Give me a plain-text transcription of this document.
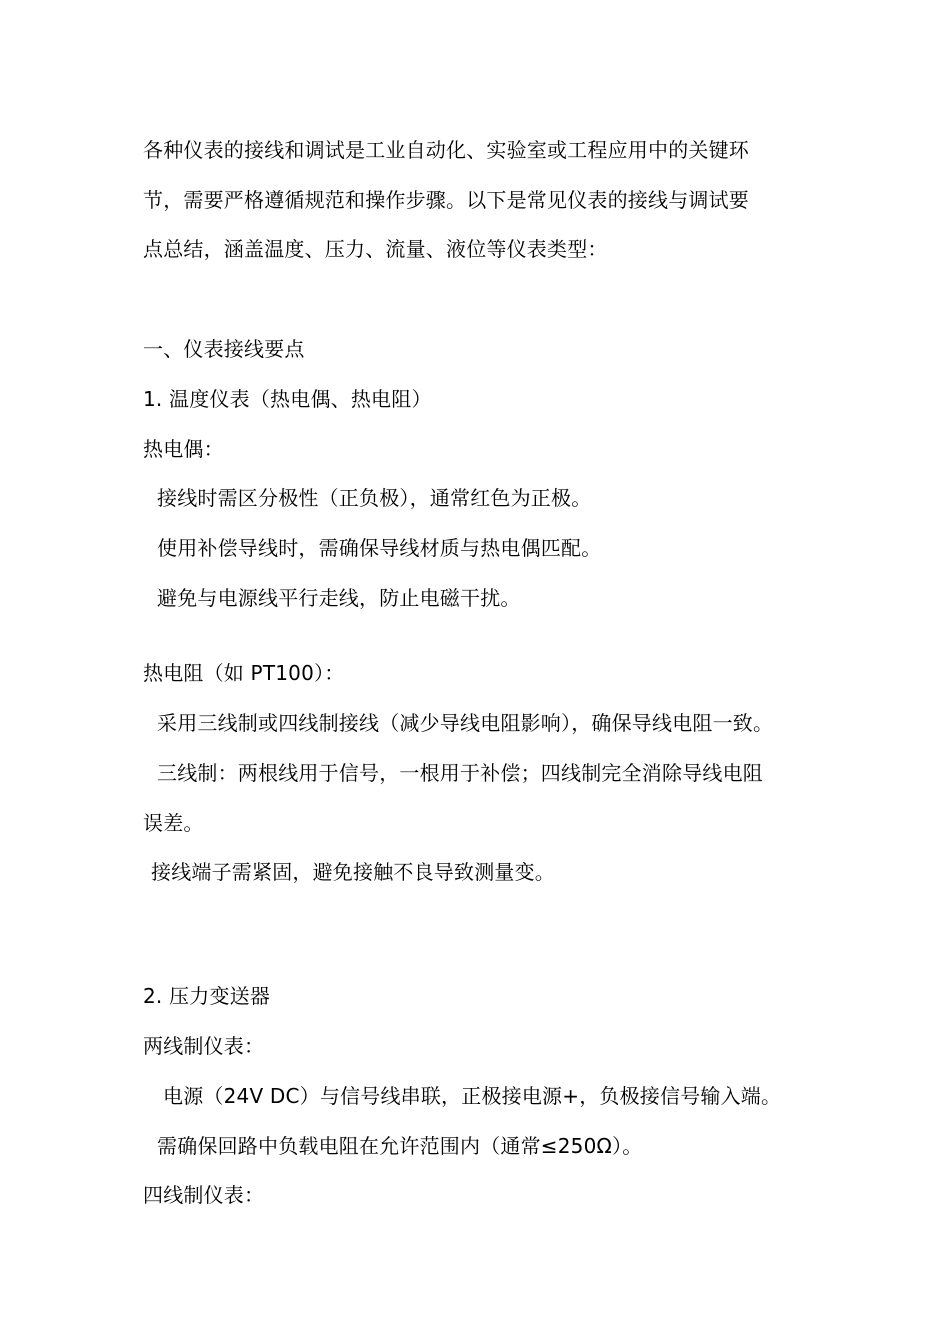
各种仪表的接线和调试是工业自动化、实验室或工程应用中的关键环
节，需要严格遵循规范和操作步骤。以下是常见仪表的接线与调试要
点总结，涵盖温度、压力、流量、液位等仪表类型：
一、仪表接线要点
1. 温度仪表（热电偶、热电阻）
热电偶：
接线时需区分极性（正负极），通常红色为正极。
使用补偿导线时，需确保导线材质与热电偶匹配。
避免与电源线平行走线，防止电磁干扰。
热电阻（如 PT100）：
采用三线制或四线制接线（减少导线电阻影响），确保导线电阻一致。
三线制：两根线用于信号，一根用于补偿；四线制完全消除导线电阻
误差。
接线端子需紧固，避免接触不良导致测量变。
2. 压力变送器
两线制仪表：
电源（24V DC）与信号线串联，正极接电源+，负极接信号输入端。
需确保回路中负载电阻在允许范围内（通常≤250Ω）。
四线制仪表：
